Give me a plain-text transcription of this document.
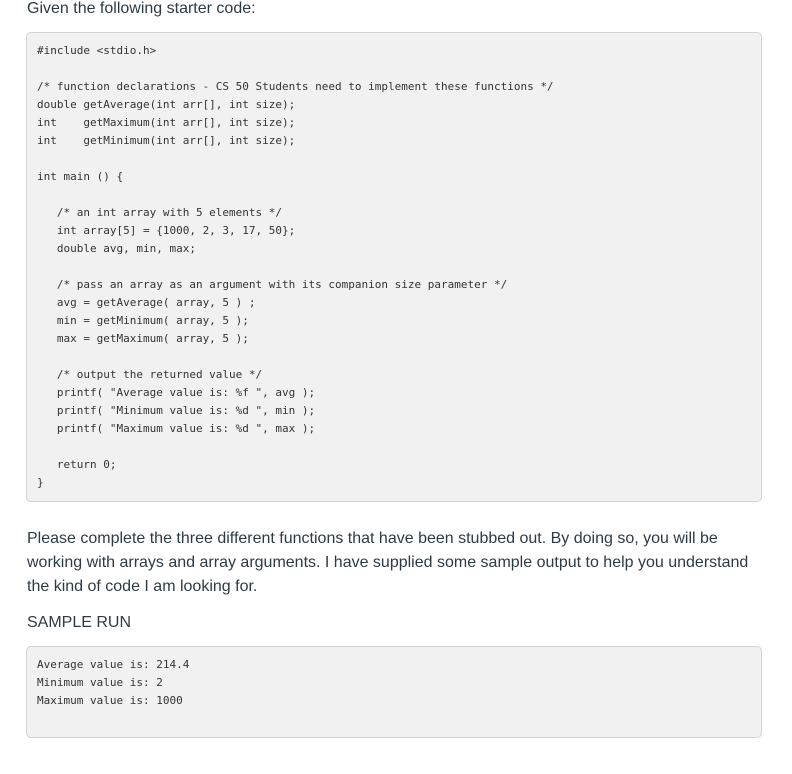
Given the following starter code:

#include <stdio.h>
/* function declarations - CS 50 Students need to implement these functions */
double getAverage(int arr[], int size);
int    getMaximum(int arr[], int size);
int    getMinimum(int arr[], int size);
int main () {
/* an int array with 5 elements */
int array[5] = {1000, 2, 3, 17, 50};
double avg, min, max;
/* pass an array as an argument with its companion size parameter */
avg = getAverage( array, 5 ) ;
min = getMinimum( array, 5 );
max = getMaximum( array, 5 );
/* output the returned value */
printf( "Average value is: %f ", avg );
printf( "Minimum value is: %d ", min );
printf( "Maximum value is: %d ", max );
return 0;
}

Please complete the three different functions that have been stubbed out. By doing so, you will be working with arrays and array arguments. I have supplied some sample output to help you understand the kind of code I am looking for.

SAMPLE RUN

Average value is: 214.4
Minimum value is: 2
Maximum value is: 1000
